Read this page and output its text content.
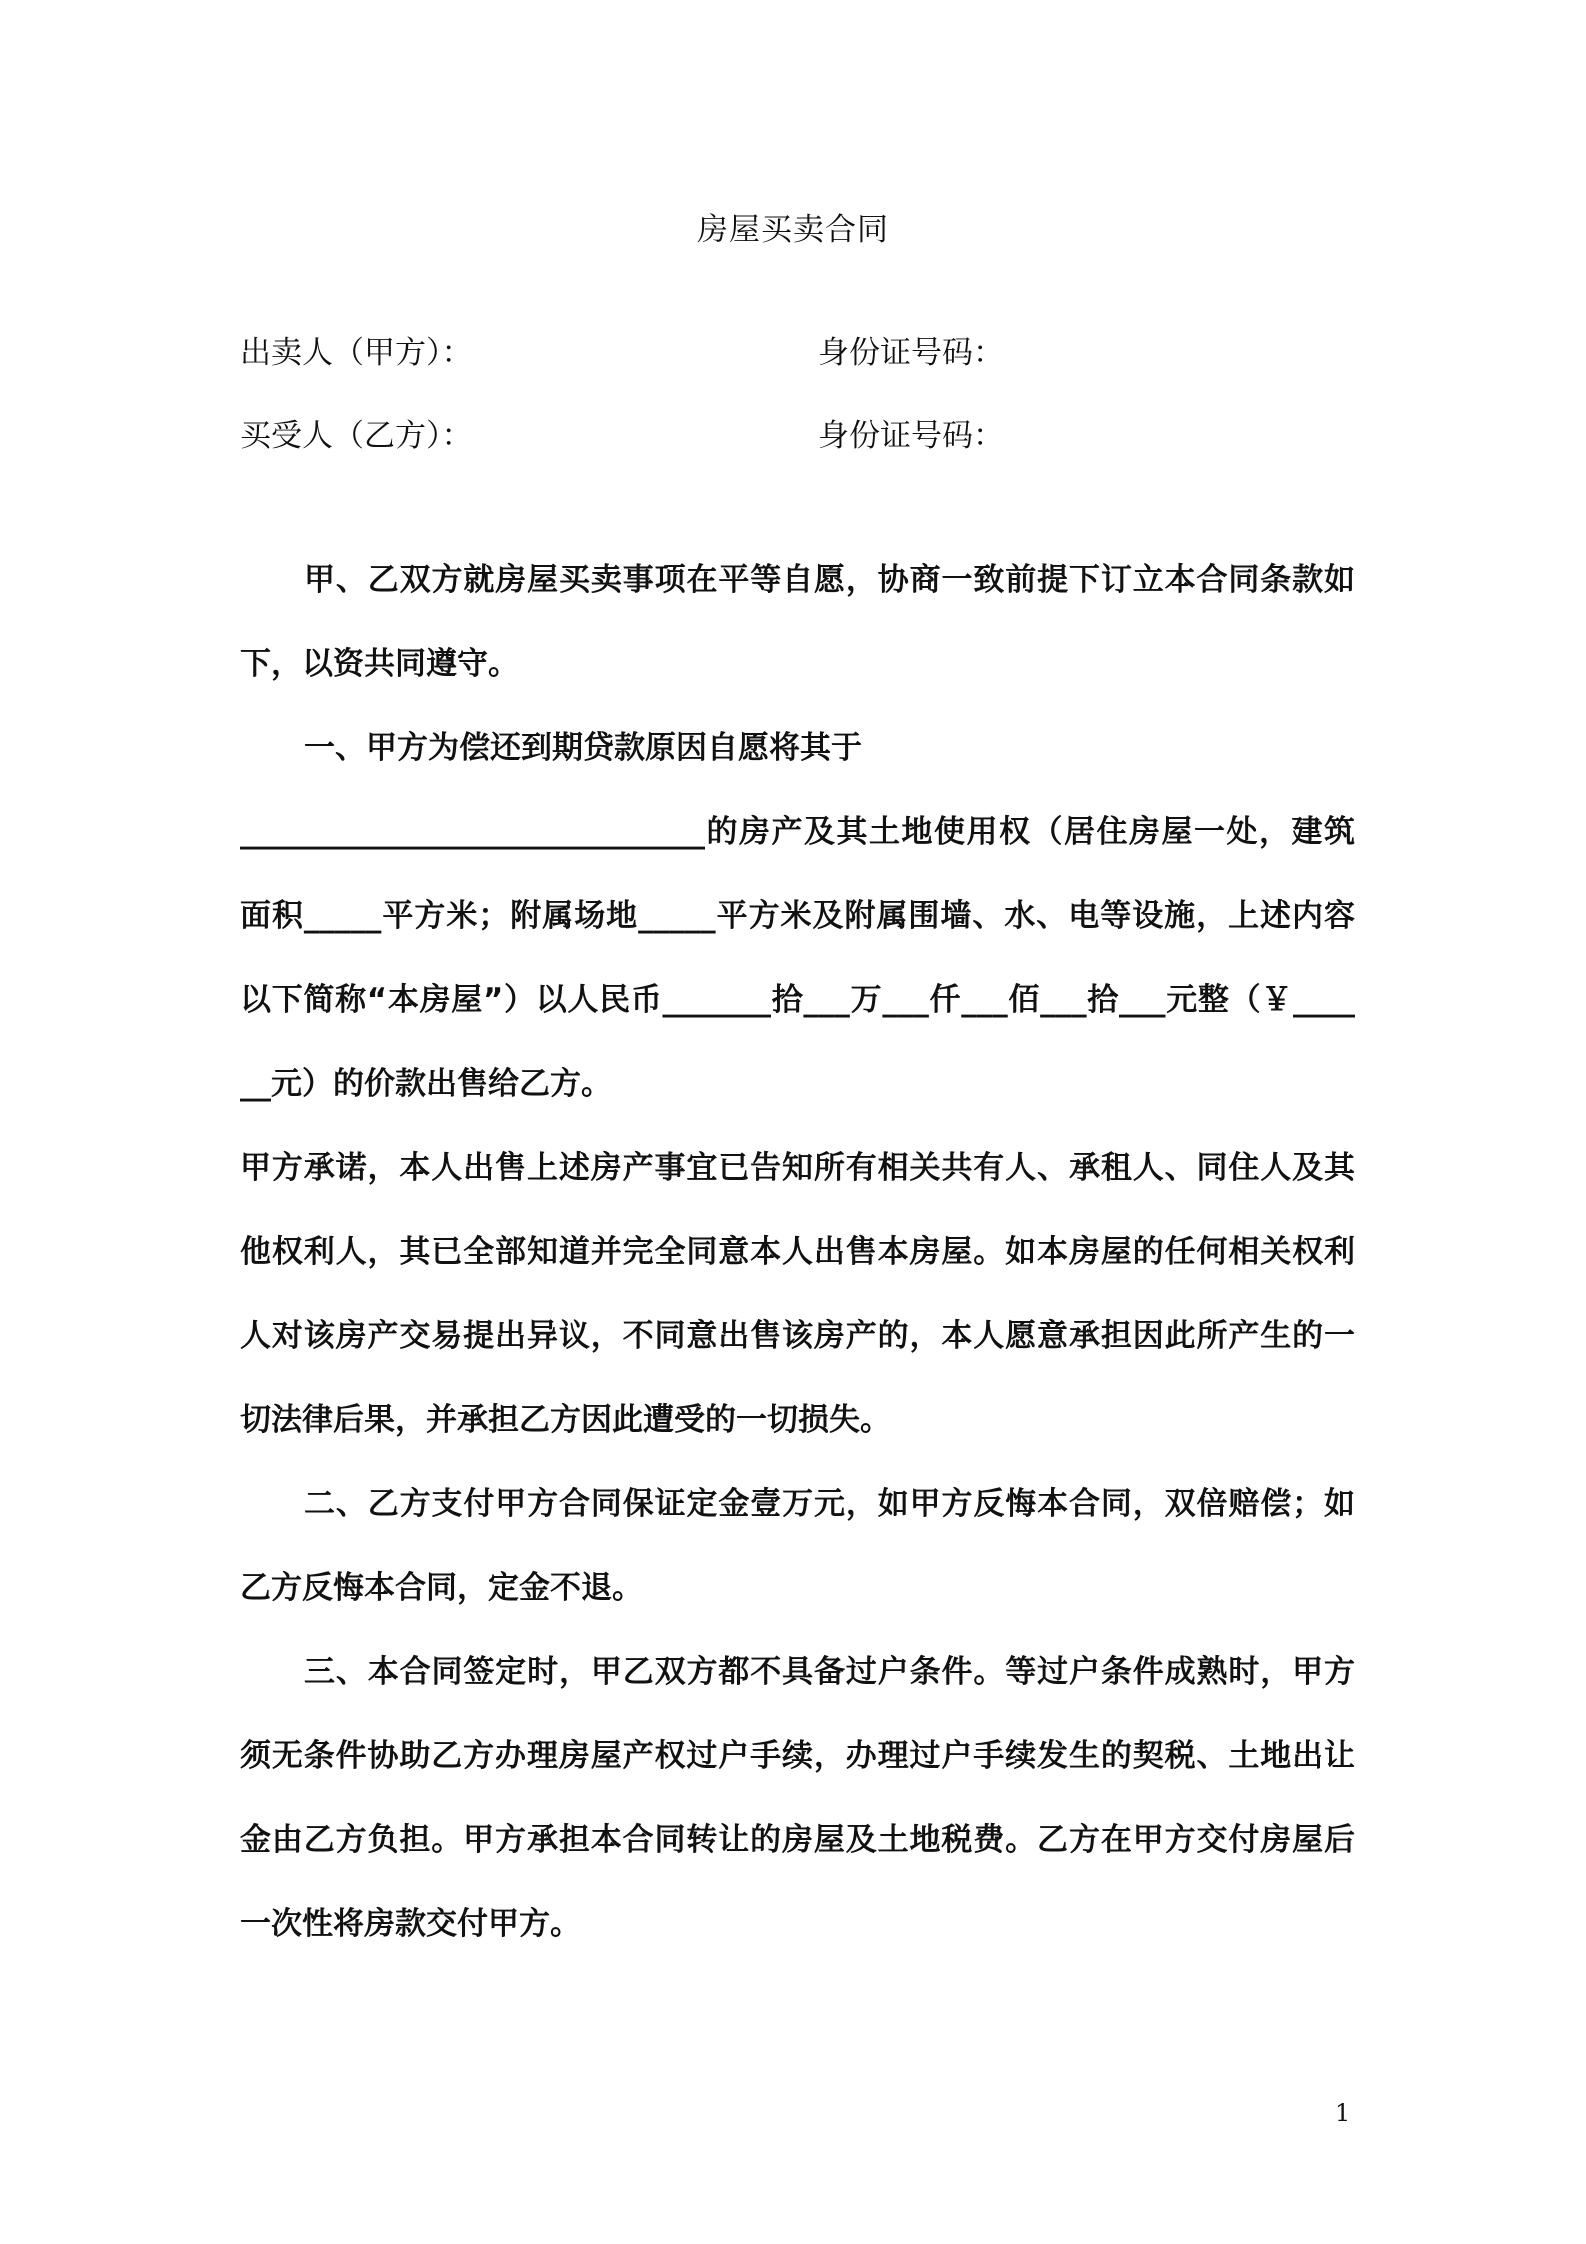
房屋买卖合同
出卖人（甲方）：	身份证号码：
买受人（乙方）：	身份证号码：

甲、乙双方就房屋买卖事项在平等自愿，协商一致前提下订立本合同条款如下，以资共同遵守。

一、甲方为偿还到期贷款原因自愿将其于

______________________________的房产及其土地使用权（居住房屋一处，建筑面积_____平方米；附属场地_____平方米及附属围墙、水、电等设施，上述内容以下简称“本房屋”）以人民币_______拾___万___仟___佰___拾___元整（￥____　__元）的价款出售给乙方。

甲方承诺，本人出售上述房产事宜已告知所有相关共有人、承租人、同住人及其他权利人，其已全部知道并完全同意本人出售本房屋。如本房屋的任何相关权利人对该房产交易提出异议，不同意出售该房产的，本人愿意承担因此所产生的一切法律后果，并承担乙方因此遭受的一切损失。

二、乙方支付甲方合同保证定金壹万元，如甲方反悔本合同，双倍赔偿；如乙方反悔本合同，定金不退。

三、本合同签定时，甲乙双方都不具备过户条件。等过户条件成熟时，甲方须无条件协助乙方办理房屋产权过户手续，办理过户手续发生的契税、土地出让金由乙方负担。甲方承担本合同转让的房屋及土地税费。乙方在甲方交付房屋后一次性将房款交付甲方。

1
